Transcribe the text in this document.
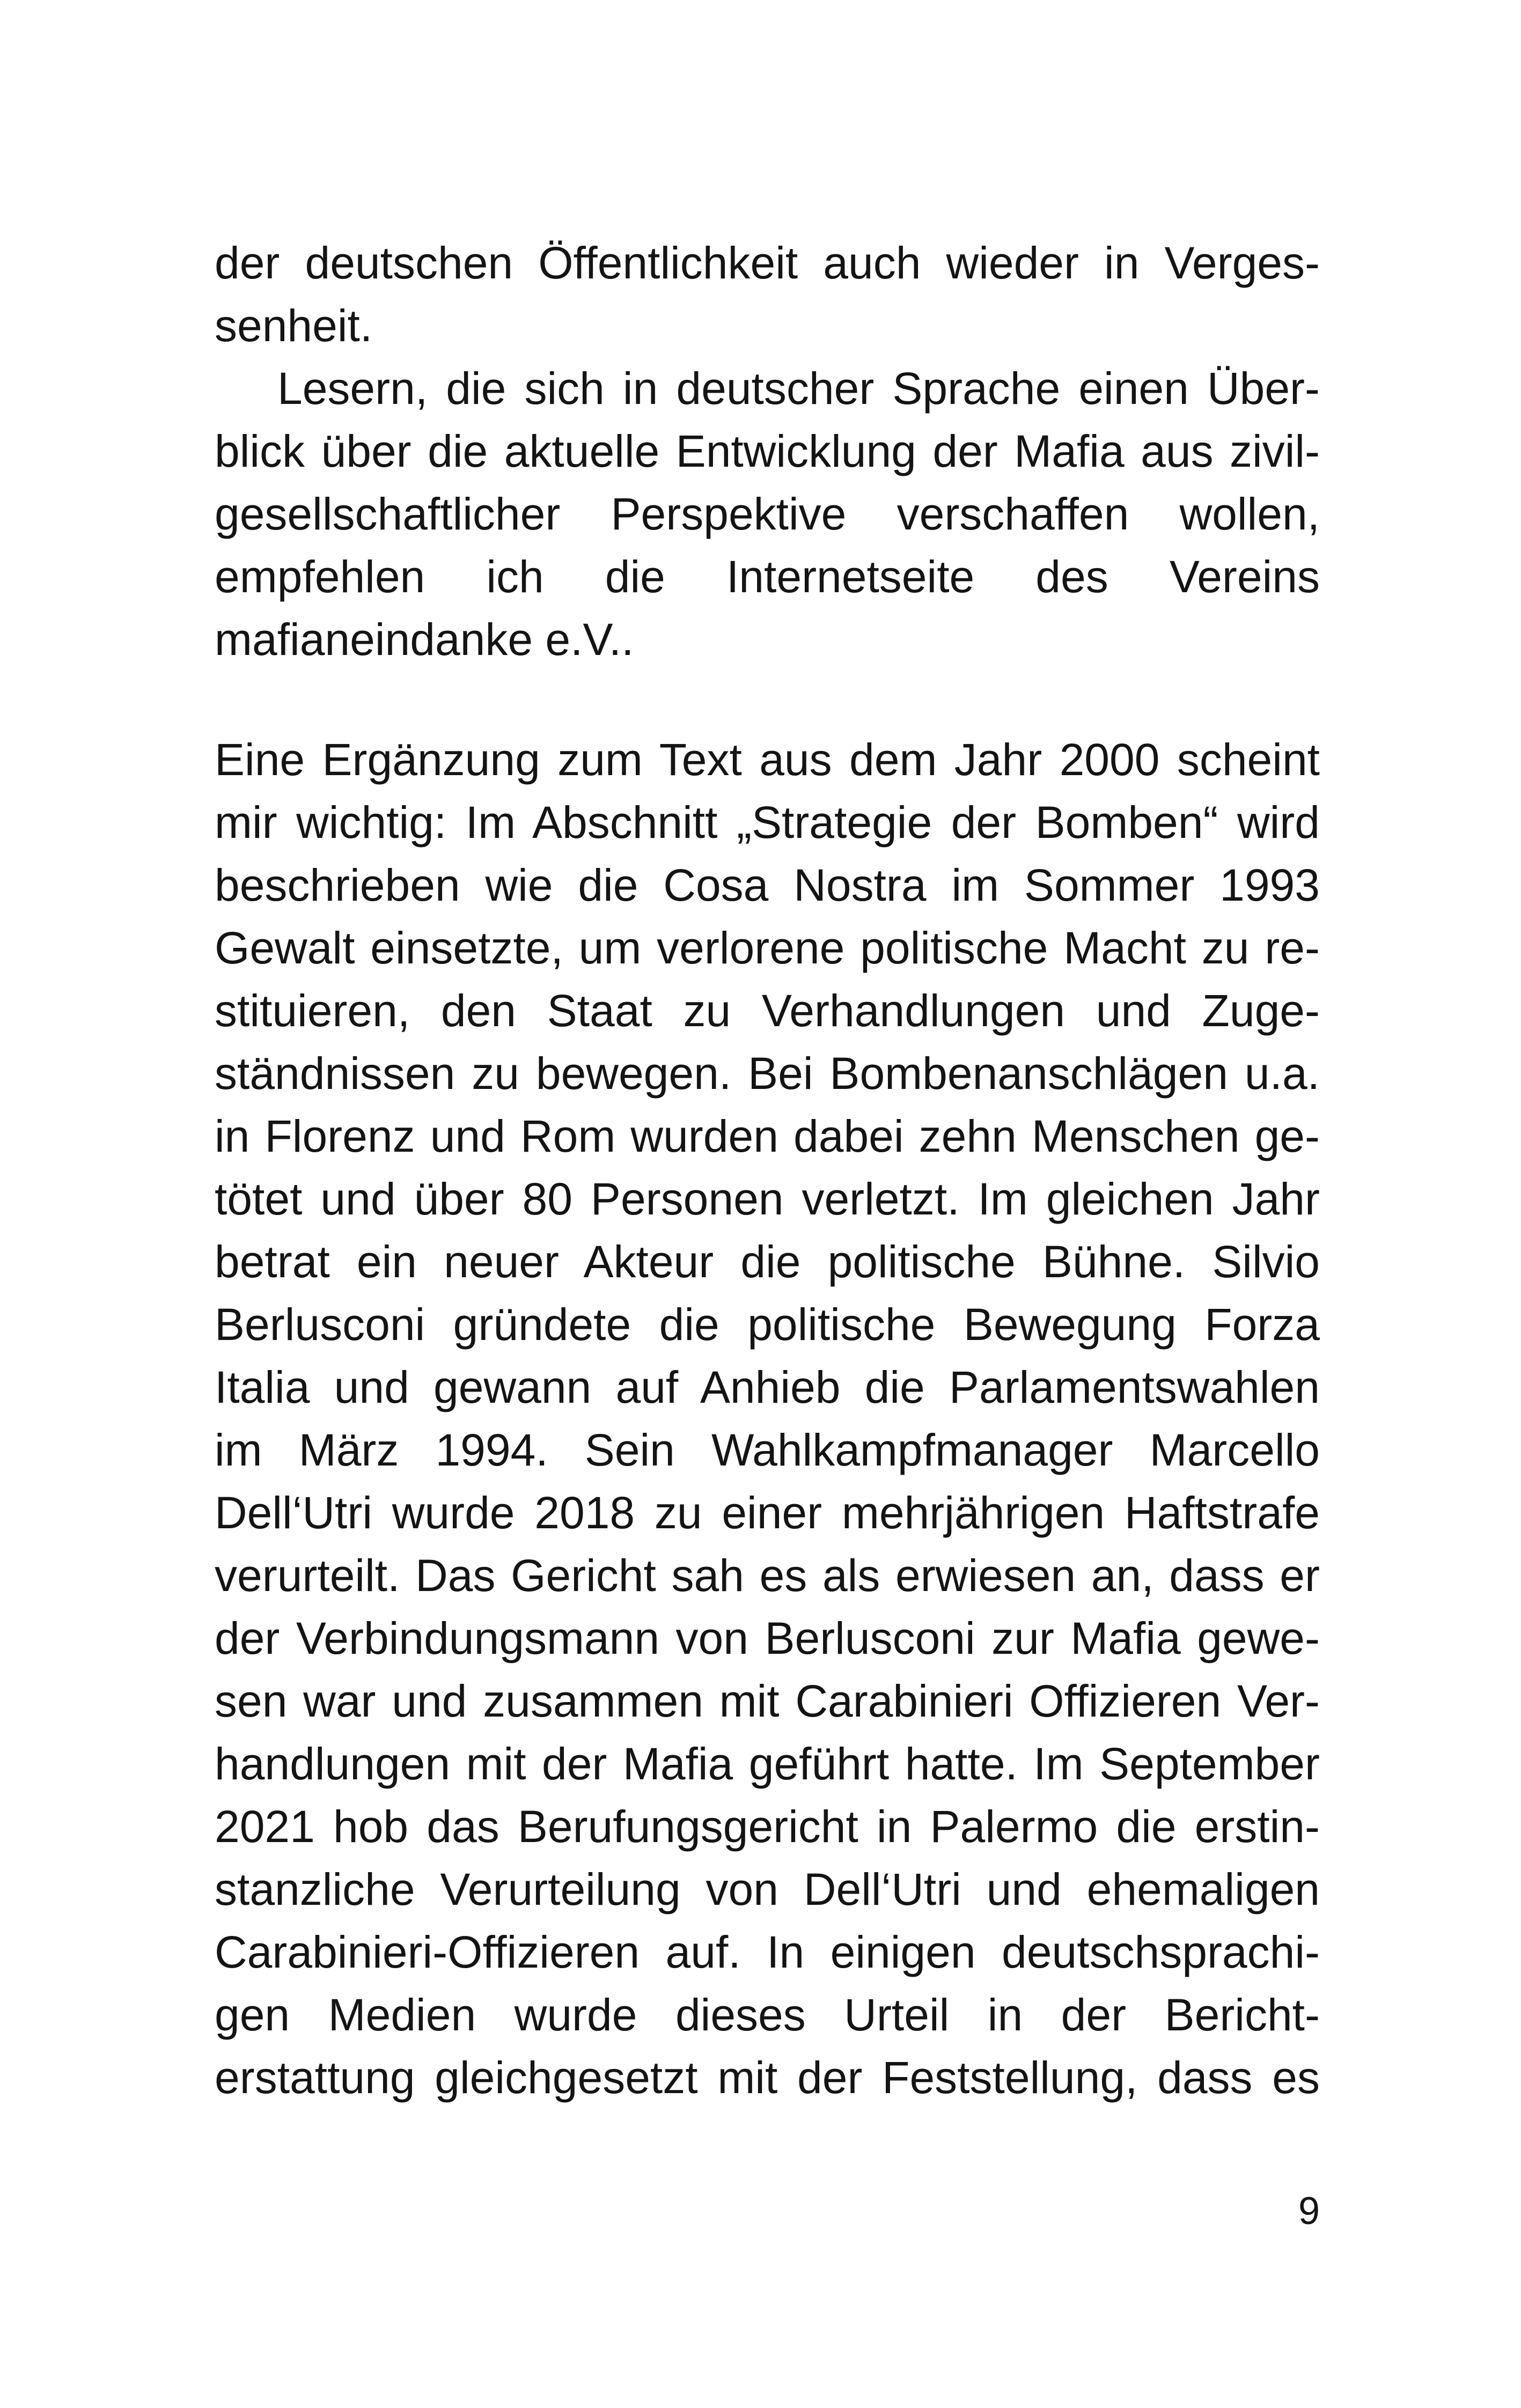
der deutschen Öffentlichkeit auch wieder in Verges-
senheit.
Lesern, die sich in deutscher Sprache einen Über-
blick über die aktuelle Entwicklung der Mafia aus zivil-
gesellschaftlicher Perspektive verschaffen wollen,
empfehlen ich die Internetseite des Vereins
mafianeindanke e.V..
Eine Ergänzung zum Text aus dem Jahr 2000 scheint
mir wichtig: Im Abschnitt „Strategie der Bomben“ wird
beschrieben wie die Cosa Nostra im Sommer 1993
Gewalt einsetzte, um verlorene politische Macht zu re-
stituieren, den Staat zu Verhandlungen und Zuge-
ständnissen zu bewegen. Bei Bombenanschlägen u.a.
in Florenz und Rom wurden dabei zehn Menschen ge-
tötet und über 80 Personen verletzt. Im gleichen Jahr
betrat ein neuer Akteur die politische Bühne. Silvio
Berlusconi gründete die politische Bewegung Forza
Italia und gewann auf Anhieb die Parlamentswahlen
im März 1994. Sein Wahlkampfmanager Marcello
Dell‘Utri wurde 2018 zu einer mehrjährigen Haftstrafe
verurteilt. Das Gericht sah es als erwiesen an, dass er
der Verbindungsmann von Berlusconi zur Mafia gewe-
sen war und zusammen mit Carabinieri Offizieren Ver-
handlungen mit der Mafia geführt hatte. Im September
2021 hob das Berufungsgericht in Palermo die erstin-
stanzliche Verurteilung von Dell‘Utri und ehemaligen
Carabinieri-Offizieren auf. In einigen deutschsprachi-
gen Medien wurde dieses Urteil in der Bericht-
erstattung gleichgesetzt mit der Feststellung, dass es
9
